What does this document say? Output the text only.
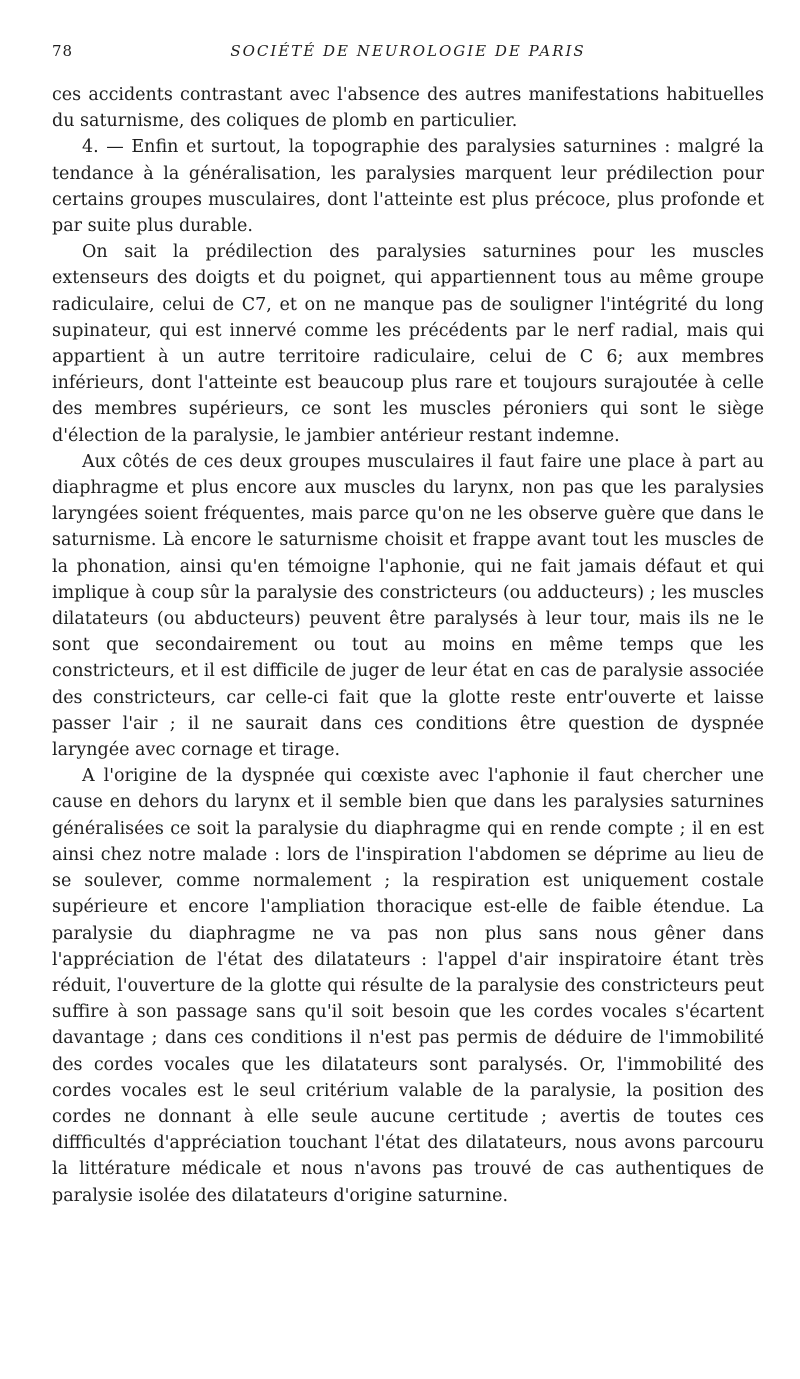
78	SOCIÉTÉ DE NEUROLOGIE DE PARIS

ces accidents contrastant avec l'absence des autres manifestations habituelles du saturnisme, des coliques de plomb en particulier.

4. — Enfin et surtout, la topographie des paralysies saturnines : malgré la tendance à la généralisation, les paralysies marquent leur prédilection pour certains groupes musculaires, dont l'atteinte est plus précoce, plus profonde et par suite plus durable.

On sait la prédilection des paralysies saturnines pour les muscles extenseurs des doigts et du poignet, qui appartiennent tous au même groupe radiculaire, celui de C7, et on ne manque pas de souligner l'intégrité du long supinateur, qui est innervé comme les précédents par le nerf radial, mais qui appartient à un autre territoire radiculaire, celui de C 6; aux membres inférieurs, dont l'atteinte est beaucoup plus rare et toujours surajoutée à celle des membres supérieurs, ce sont les muscles péroniers qui sont le siège d'élection de la paralysie, le jambier antérieur restant indemne.

Aux côtés de ces deux groupes musculaires il faut faire une place à part au diaphragme et plus encore aux muscles du larynx, non pas que les paralysies laryngées soient fréquentes, mais parce qu'on ne les observe guère que dans le saturnisme. Là encore le saturnisme choisit et frappe avant tout les muscles de la phonation, ainsi qu'en témoigne l'aphonie, qui ne fait jamais défaut et qui implique à coup sûr la paralysie des constricteurs (ou adducteurs) ; les muscles dilatateurs (ou abducteurs) peuvent être paralysés à leur tour, mais ils ne le sont que secondairement ou tout au moins en même temps que les constricteurs, et il est difficile de juger de leur état en cas de paralysie associée des constricteurs, car celle-ci fait que la glotte reste entr'ouverte et laisse passer l'air ; il ne saurait dans ces conditions être question de dyspnée laryngée avec cornage et tirage.

A l'origine de la dyspnée qui cœxiste avec l'aphonie il faut chercher une cause en dehors du larynx et il semble bien que dans les paralysies saturnines généralisées ce soit la paralysie du diaphragme qui en rende compte ; il en est ainsi chez notre malade : lors de l'inspiration l'abdomen se déprime au lieu de se soulever, comme normalement ; la respiration est uniquement costale supérieure et encore l'ampliation thoracique est-elle de faible étendue. La paralysie du diaphragme ne va pas non plus sans nous gêner dans l'appréciation de l'état des dilatateurs : l'appel d'air inspiratoire étant très réduit, l'ouverture de la glotte qui résulte de la paralysie des constricteurs peut suffire à son passage sans qu'il soit besoin que les cordes vocales s'écartent davantage ; dans ces conditions il n'est pas permis de déduire de l'immobilité des cordes vocales que les dilatateurs sont paralysés. Or, l'immobilité des cordes vocales est le seul critérium valable de la paralysie, la position des cordes ne donnant à elle seule aucune certitude ; avertis de toutes ces diffficultés d'appréciation touchant l'état des dilatateurs, nous avons parcouru la littérature médicale et nous n'avons pas trouvé de cas authentiques de paralysie isolée des dilatateurs d'origine saturnine.
